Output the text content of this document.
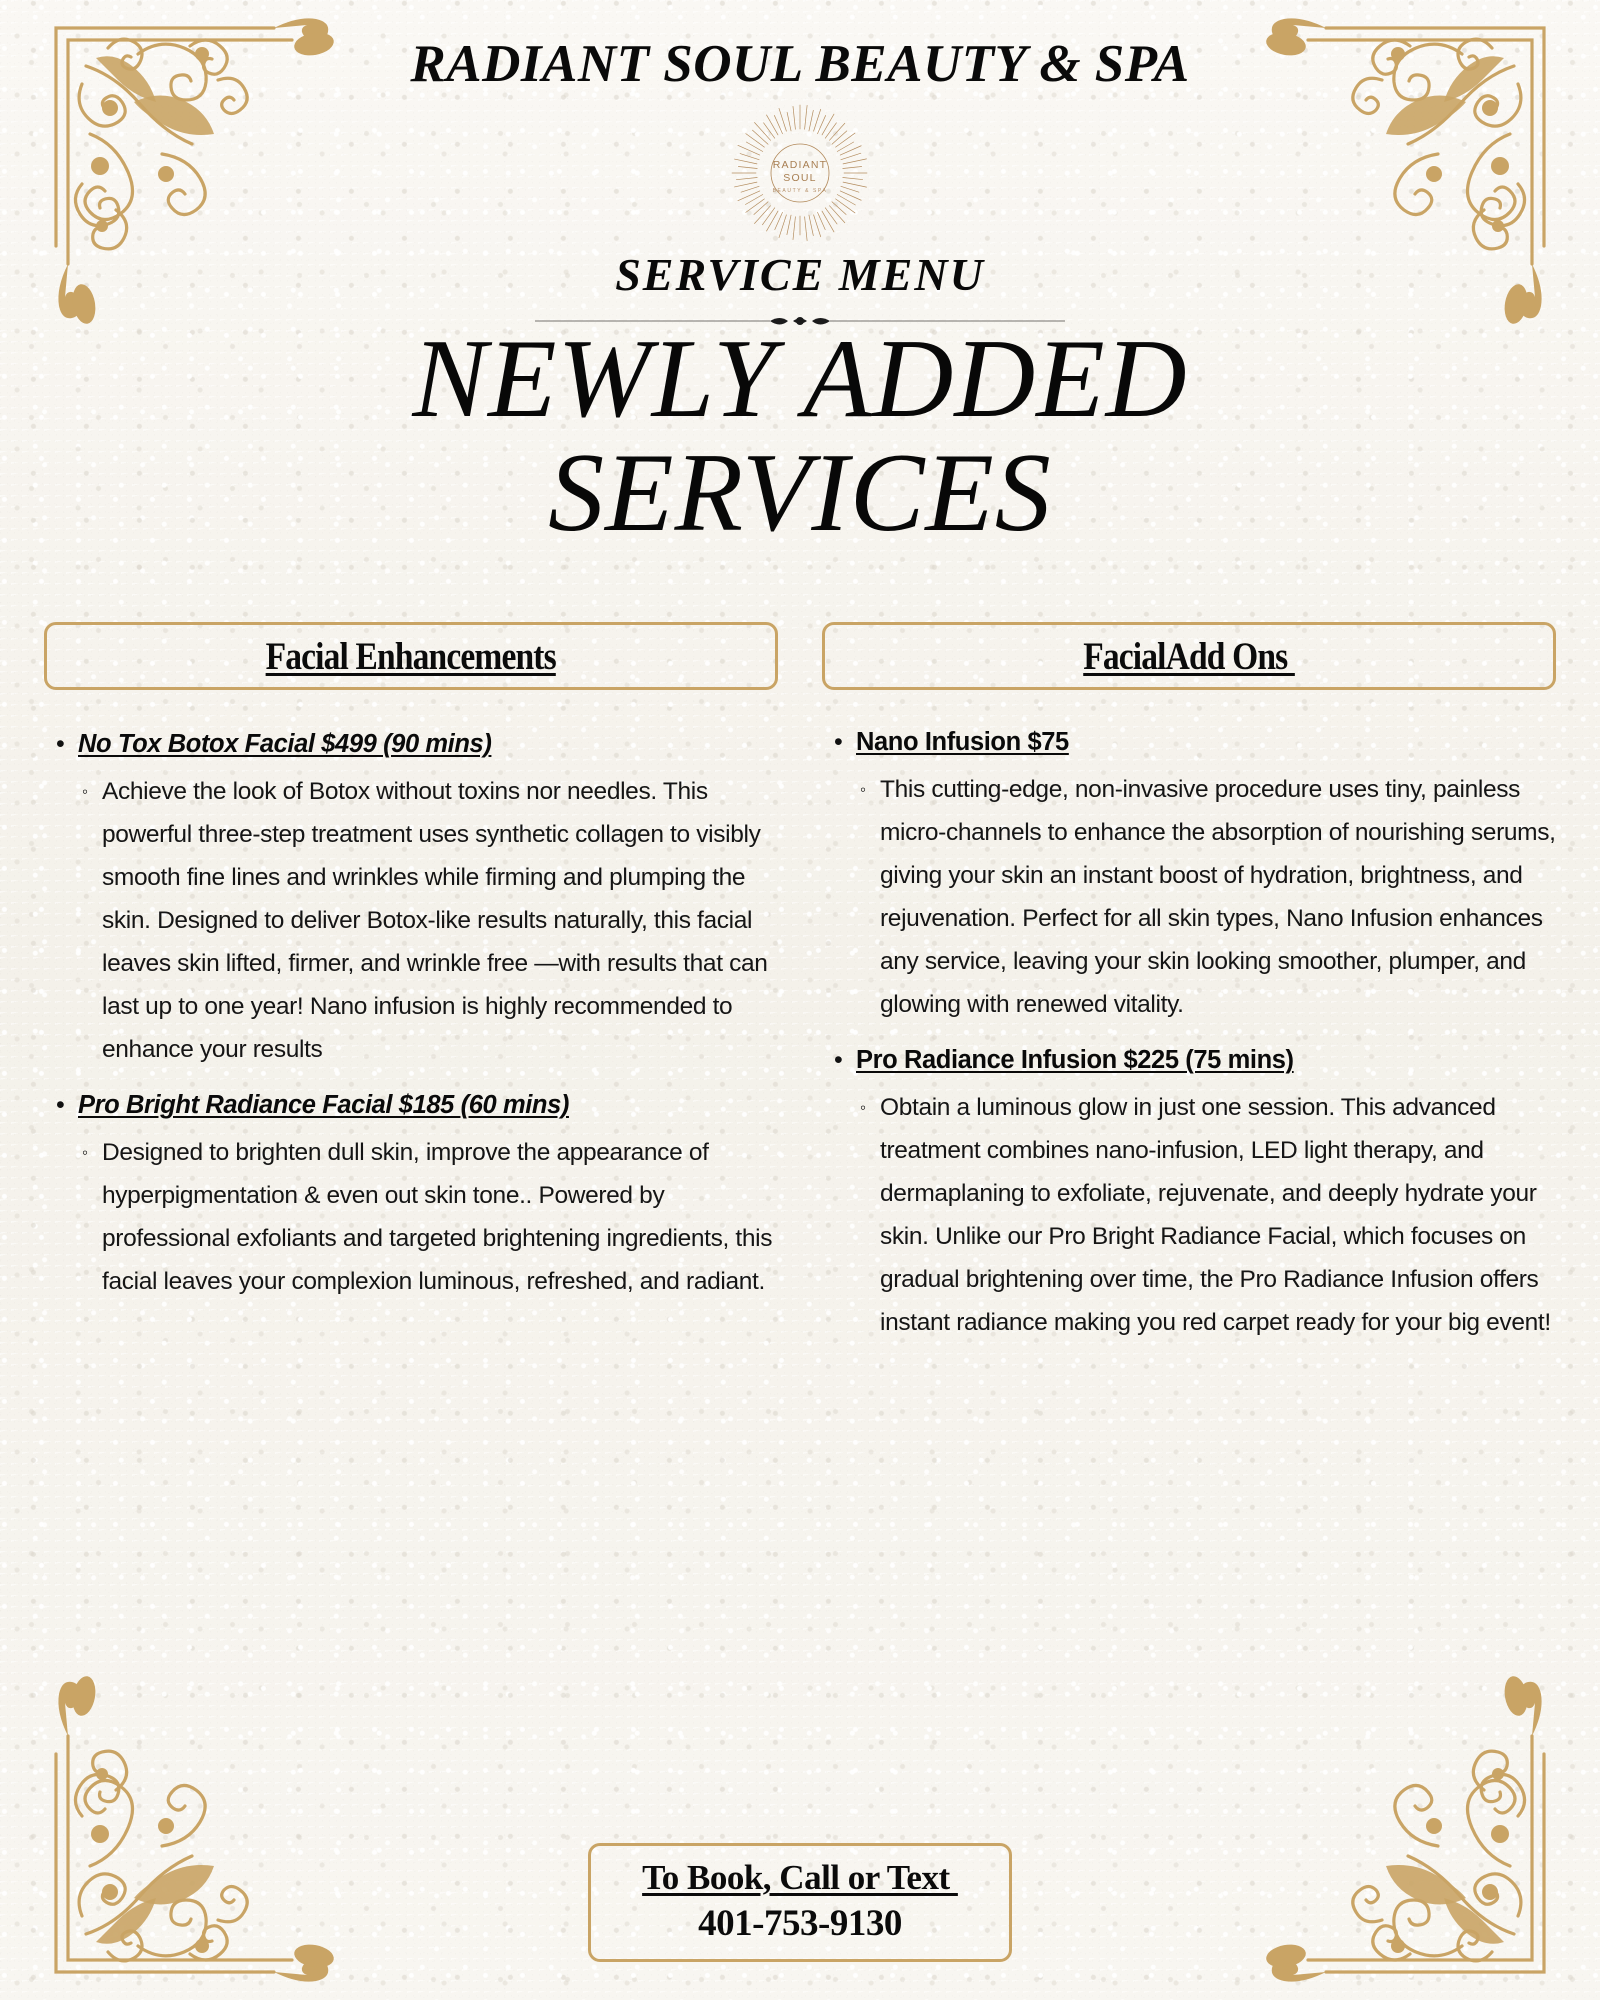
RADIANT SOUL BEAUTY & SPA
RADIANT
SOUL
BEAUTY & SPA
SERVICE MENU
NEWLY ADDED
SERVICES
Facial Enhancements
• No Tox Botox Facial $499 (90 mins)
◦ Achieve the look of Botox without toxins nor needles. This powerful three-step treatment uses synthetic collagen to visibly smooth fine lines and wrinkles while firming and plumping the skin. Designed to deliver Botox-like results naturally, this facial leaves skin lifted, firmer, and wrinkle free —with results that can last up to one year! Nano infusion is highly recommended to enhance your results
• Pro Bright Radiance Facial $185 (60 mins)
◦ Designed to brighten dull skin, improve the appearance of hyperpigmentation & even out skin tone.. Powered by professional exfoliants and targeted brightening ingredients, this facial leaves your complexion luminous, refreshed, and radiant.
FacialAdd Ons
• Nano Infusion $75
◦ This cutting-edge, non-invasive procedure uses tiny, painless micro-channels to enhance the absorption of nourishing serums, giving your skin an instant boost of hydration, brightness, and rejuvenation. Perfect for all skin types, Nano Infusion enhances any service, leaving your skin looking smoother, plumper, and glowing with renewed vitality.
• Pro Radiance Infusion $225 (75 mins)
◦ Obtain a luminous glow in just one session. This advanced treatment combines nano-infusion, LED light therapy, and dermaplaning to exfoliate, rejuvenate, and deeply hydrate your skin. Unlike our Pro Bright Radiance Facial, which focuses on gradual brightening over time, the Pro Radiance Infusion offers instant radiance making you red carpet ready for your big event!
To Book, Call or Text
401-753-9130
